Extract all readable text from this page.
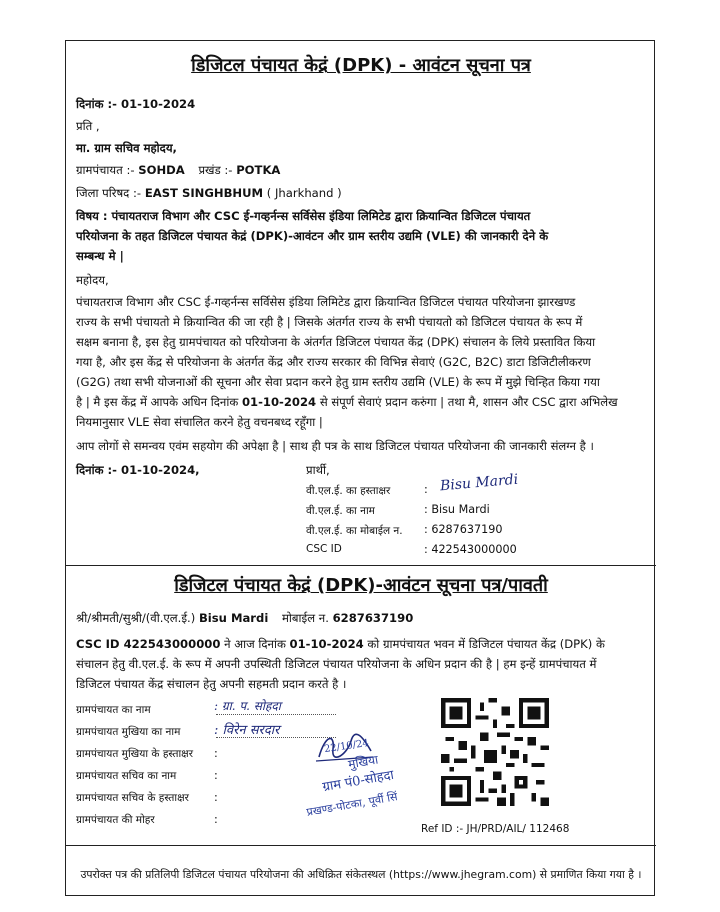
डिजिटल पंचायत केद्रं (DPK) - आवंटन सूचना पत्र
दिनांक :- 01-10-2024
प्रति ,
मा. ग्राम सचिव महोदय,
ग्रामपंचायत :- SOHDA प्रखंड :- POTKA
जिला परिषद :- EAST SINGHBHUM ( Jharkhand )
विषय : पंचायतराज विभाग और CSC ई-गव्हर्नन्स सर्विसेस इंडिया लिमिटेड द्वारा क्रियान्वित डिजिटल पंचायत
परियोजना के तहत डिजिटल पंचायत केद्रं (DPK)-आवंटन और ग्राम स्तरीय उद्यमि (VLE) की जानकारी देने के
सम्बन्ध मे |
महोदय,
पंचायतराज विभाग और CSC ई-गव्हर्नन्स सर्विसेस इंडिया लिमिटेड द्वारा क्रियान्वित डिजिटल पंचायत परियोजना झारखण्ड
राज्य के सभी पंचायतो मे क्रियान्वित की जा रही है | जिसके अंतर्गत राज्य के सभी पंचायतो को डिजिटल पंचायत के रूप में
सक्षम बनाना है, इस हेतु ग्रामपंचायत को परियोजना के अंतर्गत डिजिटल पंचायत केंद्र (DPK) संचालन के लिये प्रस्तावित किया
गया है, और इस केंद्र से परियोजना के अंतर्गत केंद्र और राज्य सरकार की विभिन्न सेवाएं (G2C, B2C) डाटा डिजिटीलीकरण
(G2G) तथा सभी योजनाओं की सूचना और सेवा प्रदान करने हेतु ग्राम स्तरीय उद्यमि (VLE) के रूप में मुझे चिन्हित किया गया
है | मै इस केंद्र में आपके अधिन दिनांक 01-10-2024 से संपूर्ण सेवाएं प्रदान करुंगा | तथा मै, शासन और CSC द्वारा अभिलेख
नियमानुसार VLE सेवा संचालित करने हेतु वचनबध्द रहूँगा |
आप लोगों से समन्वय एवंम सहयोग की अपेक्षा है | साथ ही पत्र के साथ डिजिटल पंचायत परियोजना की जानकारी संलग्न है ।
दिनांक :- 01-10-2024,	प्रार्थी,
वी.एल.ई. का हस्ताक्षर	: Bisu Mardi
वी.एल.ई. का नाम	: Bisu Mardi
वी.एल.ई. का मोबाईल न. : 6287637190
CSC ID	: 422543000000
डिजिटल पंचायत केद्रं (DPK)-आवंटन सूचना पत्र/पावती
श्री/श्रीमती/सुश्री/(वी.एल.ई.) Bisu Mardi मोबाईल न. 6287637190
CSC ID 422543000000 ने आज दिनांक 01-10-2024 को ग्रामपंचायत भवन में डिजिटल पंचायत केंद्र (DPK) के
संचालन हेतु वी.एल.ई. के रूप में अपनी उपस्थिती डिजिटल पंचायत परियोजना के अधिन प्रदान की है | हम इन्हें ग्रामपंचायत में
डिजिटल पंचायत केंद्र संचालन हेतु अपनी सहमती प्रदान करते है ।
ग्रामपंचायत का नाम	: ग्रा. प. सोहदा
ग्रामपंचायत मुखिया का नाम	: विरेन सरदार
ग्रामपंचायत मुखिया के हस्ताक्षर :
ग्रामपंचायत सचिव का नाम	:
ग्रामपंचायत सचिव के हस्ताक्षर :
ग्रामपंचायत की मोहर	:
22/10/24
मुखिया
ग्राम पं0-सोहदा
प्रखण्ड-पोटका, पूर्वी सिं
Ref ID :- JH/PRD/AIL/ 112468
उपरोक्त पत्र की प्रतिलिपी डिजिटल पंचायत परियोजना की अधिक्रित संकेतस्थल (https://www.jhegram.com) से प्रमाणित किया गया है ।
